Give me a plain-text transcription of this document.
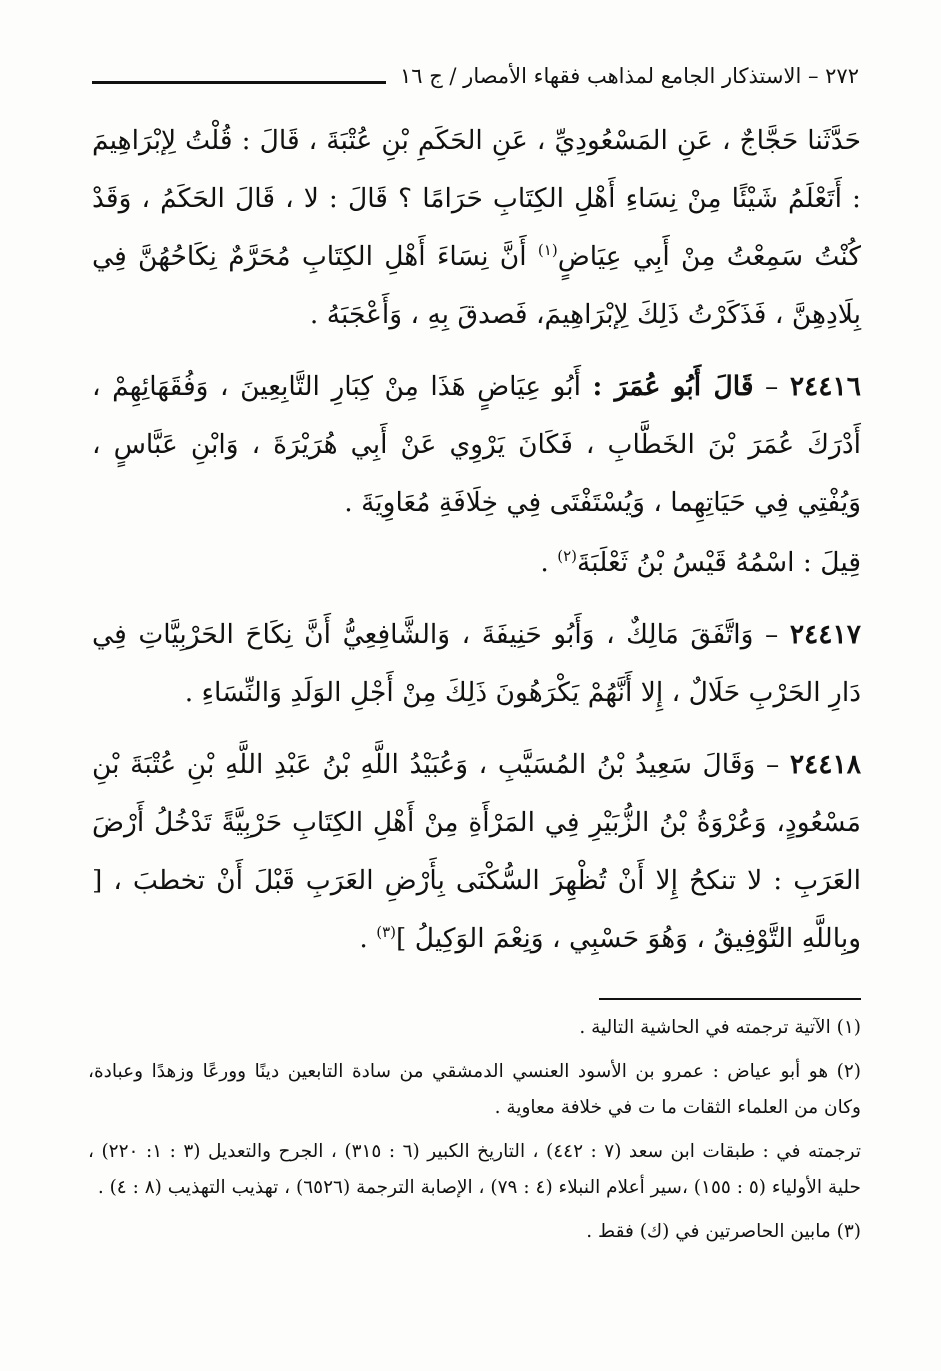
٢٧٢ – الاستذكار الجامع لمذاهب فقهاء الأمصار / ج ١٦

حَدَّثَنا حَجَّاجٌ ، عَنِ المَسْعُودِيِّ ، عَنِ الحَكَمِ بْنِ عُتْبَةَ ، قَالَ : قُلْتُ لِإبْرَاهِيمَ : أَتَعْلَمُ شَيْئًا مِنْ نِسَاءِ أَهْلِ الكِتَابِ حَرَامًا ؟ قَالَ : لا ، قَالَ الحَكَمُ ، وَقَدْ كُنْتُ سَمِعْتُ مِنْ أَبِي عِيَاضٍ$^{(١)}$ أَنَّ نِسَاءَ أَهْلِ الكِتَابِ مُحَرَّمٌ نِكَاحُهُنَّ فِي بِلَادِهِنَّ ، فَذَكَرْتُ ذَلِكَ لِإبْرَاهِيمَ، فَصدقَ بِهِ ، وَأَعْجَبَهُ .

٢٤٤١٦ – قَالَ أَبُو عُمَرَ : أَبُو عِيَاضٍ هَذَا مِنْ كِبَارِ التَّابِعِينَ ، وَفُقَهَائِهِمْ ، أَدْرَكَ عُمَرَ بْنَ الخَطَّابِ ، فَكَانَ يَرْوِي عَنْ أَبِي هُرَيْرَةَ ، وَابْنِ عَبَّاسٍ ، وَيُفْتِي فِي حَيَاتِهِما ، وَيُسْتَفْتَى فِي خِلَافَةِ مُعَاوِيَةَ .

قِيلَ : اسْمُهُ قَيْسُ بْنُ ثَعْلَبَةَ$^{(٢)}$ .

٢٤٤١٧ – وَاتَّفَقَ مَالِكٌ ، وَأَبُو حَنِيفَةَ ، وَالشَّافِعِيُّ أَنَّ نِكَاحَ الحَرْبِيَّاتِ فِي دَارِ الحَرْبِ حَلَالٌ ، إِلا أَنَّهُمْ يَكْرَهُونَ ذَلِكَ مِنْ أَجْلِ الوَلَدِ وَالنِّسَاءِ .

٢٤٤١٨ – وَقَالَ سَعِيدُ بْنُ المُسَيَّبِ ، وَعُبَيْدُ اللَّهِ بْنُ عَبْدِ اللَّهِ بْنِ عُتْبَةَ بْنِ مَسْعُودٍ، وَعُرْوَةُ بْنُ الزُّبَيْرِ فِي المَرْأَةِ مِنْ أَهْلِ الكِتَابِ حَرْبِيَّةً تَدْخُلُ أَرْضَ العَرَبِ : لا تنكحُ إِلا أَنْ تُظْهِرَ السُّكْنَى بِأَرْضِ العَرَبِ قَبْلَ أَنْ تخطبَ ، [ وبِاللَّهِ التَّوْفِيقُ ، وَهُوَ حَسْبِي ، وَنِعْمَ الوَكِيلُ ]$^{(٣)}$ .

(١) الآتية ترجمته في الحاشية التالية .

(٢) هو أبو عياض : عمرو بن الأسود العنسي الدمشقي من سادة التابعين دينًا وورعًا وزهدًا وعبادة، وكان من العلماء الثقات ما ت في خلافة معاوية .

ترجمته في : طبقات ابن سعد (٧ : ٤٤٢) ، التاريخ الكبير (٦ : ٣١٥) ، الجرح والتعديل (٣ : ١: ٢٢٠) ، حلية الأولياء (٥ : ١٥٥) ،سير أعلام النبلاء (٤ : ٧٩) ، الإصابة الترجمة (٦٥٢٦) ، تهذيب التهذيب (٨ : ٤) .

(٣) مابين الحاصرتين في (ك) فقط .
